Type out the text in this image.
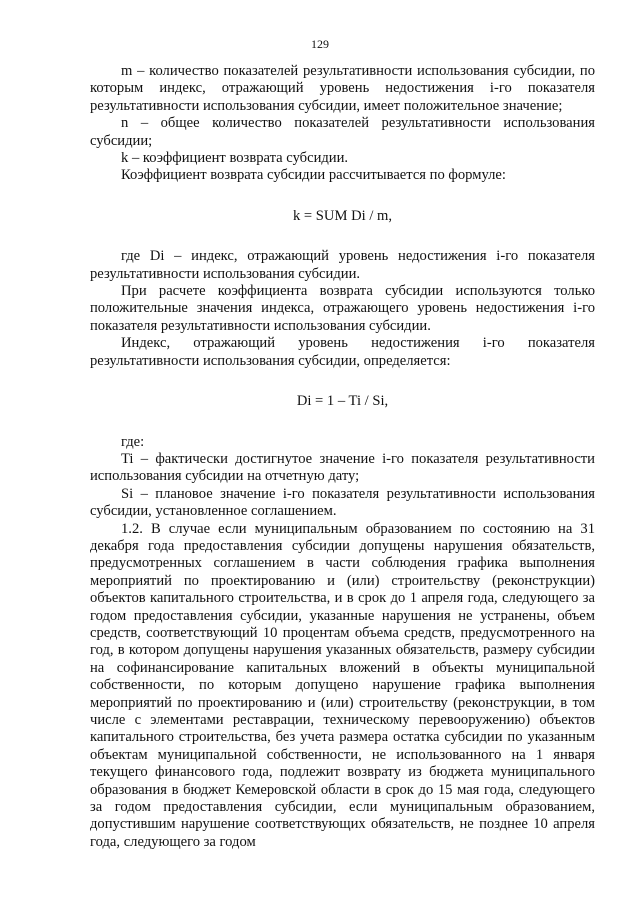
129

m – количество показателей результативности использования субсидии, по которым индекс, отражающий уровень недостижения i-го показателя результативности использования субсидии, имеет положительное значение;

n – общее количество показателей результативности использования субсидии;

k – коэффициент возврата субсидии.

Коэффициент возврата субсидии рассчитывается по формуле:

k = SUM Di / m,

где Di – индекс, отражающий уровень недостижения i-го показателя результативности использования субсидии.

При расчете коэффициента возврата субсидии используются только положительные значения индекса, отражающего уровень недостижения i-го показателя результативности использования субсидии.

Индекс, отражающий уровень недостижения i-го показателя результативности использования субсидии, определяется:

Di = 1 – Ti / Si,

где:

Ti – фактически достигнутое значение i-го показателя результативности использования субсидии на отчетную дату;

Si – плановое значение i-го показателя результативности использования субсидии, установленное соглашением.

1.2. В случае если муниципальным образованием по состоянию на 31 декабря года предоставления субсидии допущены нарушения обязательств, предусмотренных соглашением в части соблюдения графика выполнения мероприятий по проектированию и (или) строительству (реконструкции) объектов капитального строительства, и в срок до 1 апреля года, следующего за годом предоставления субсидии, указанные нарушения не устранены, объем средств, соответствующий 10 процентам объема средств, предусмотренного на год, в котором допущены нарушения указанных обязательств, размеру субсидии на софинансирование капитальных вложений в объекты муниципальной собственности, по которым допущено нарушение графика выполнения мероприятий по проектированию и (или) строительству (реконструкции, в том числе с элементами реставрации, техническому перевооружению) объектов капитального строительства, без учета размера остатка субсидии по указанным объектам муниципальной собственности, не использованного на 1 января текущего финансового года, подлежит возврату из бюджета муниципального образования в бюджет Кемеровской области в срок до 15 мая года, следующего за годом предоставления субсидии, если муниципальным образованием, допустившим нарушение соответствующих обязательств, не позднее 10 апреля года, следующего за годом
